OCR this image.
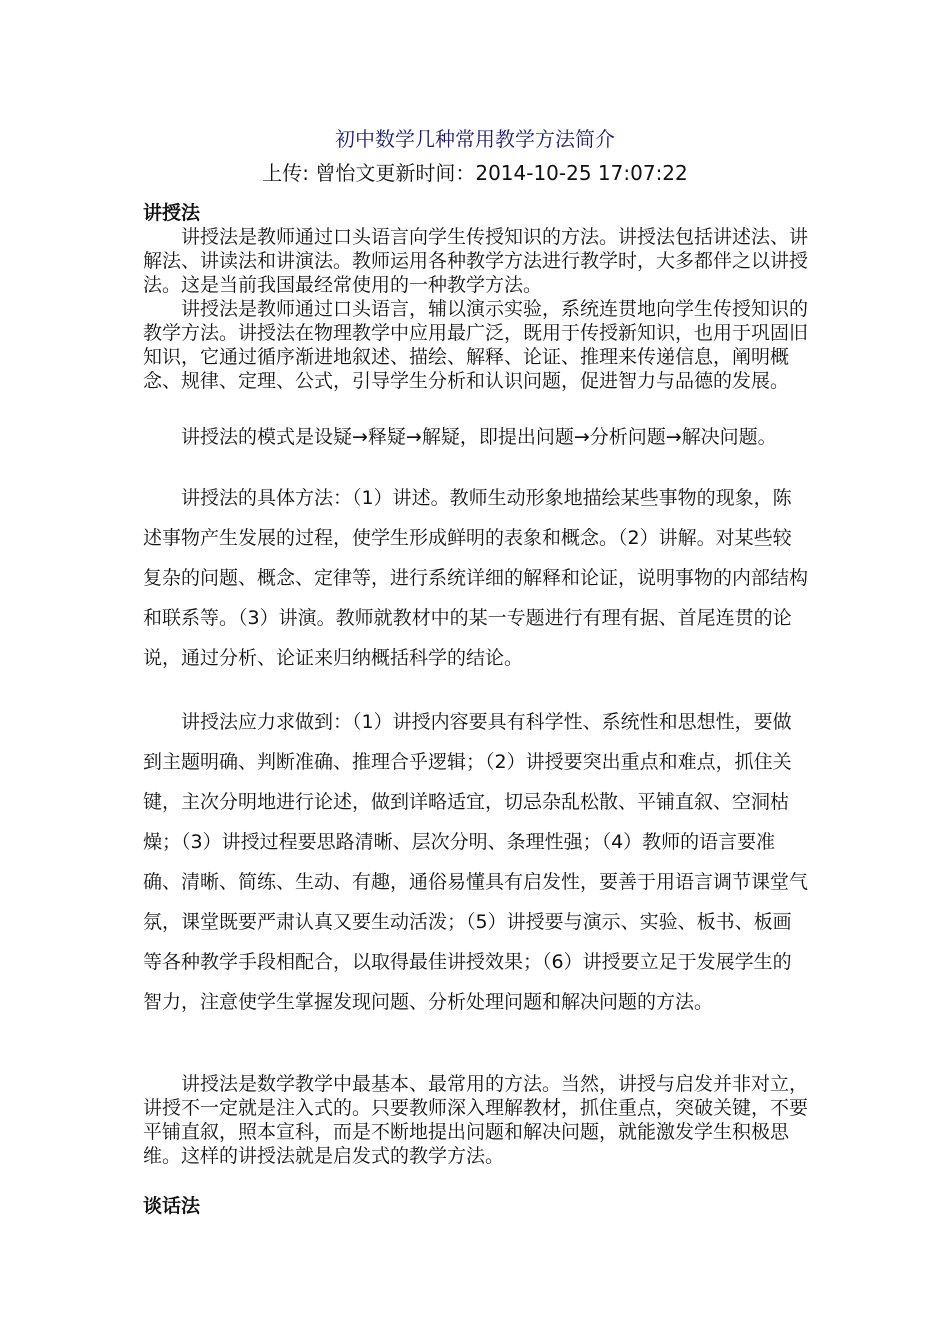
初中数学几种常用教学方法简介
上传: 曾怡文更新时间：2014-10-25 17:07:22
讲授法

讲授法是教师通过口头语言向学生传授知识的方法。讲授法包括讲述法、讲解法、讲读法和讲演法。教师运用各种教学方法进行教学时，大多都伴之以讲授法。这是当前我国最经常使用的一种教学方法。

讲授法是教师通过口头语言，辅以演示实验，系统连贯地向学生传授知识的教学方法。讲授法在物理教学中应用最广泛，既用于传授新知识，也用于巩固旧知识，它通过循序渐进地叙述、描绘、解释、论证、推理来传递信息，阐明概念、规律、定理、公式，引导学生分析和认识问题，促进智力与品德的发展。

讲授法的模式是设疑→释疑→解疑，即提出问题→分析问题→解决问题。

讲授法的具体方法：（1）讲述。教师生动形象地描绘某些事物的现象，陈述事物产生发展的过程，使学生形成鲜明的表象和概念。（2）讲解。对某些较复杂的问题、概念、定律等，进行系统详细的解释和论证，说明事物的内部结构和联系等。（3）讲演。教师就教材中的某一专题进行有理有据、首尾连贯的论说，通过分析、论证来归纳概括科学的结论。

讲授法应力求做到：（1）讲授内容要具有科学性、系统性和思想性，要做到主题明确、判断准确、推理合乎逻辑；（2）讲授要突出重点和难点，抓住关键，主次分明地进行论述，做到详略适宜，切忌杂乱松散、平铺直叙、空洞枯燥；（3）讲授过程要思路清晰、层次分明、条理性强；（4）教师的语言要准确、清晰、简练、生动、有趣，通俗易懂具有启发性，要善于用语言调节课堂气氛，课堂既要严肃认真又要生动活泼；（5）讲授要与演示、实验、板书、板画等各种教学手段相配合，以取得最佳讲授效果；（6）讲授要立足于发展学生的智力，注意使学生掌握发现问题、分析处理问题和解决问题的方法。

讲授法是数学教学中最基本、最常用的方法。当然，讲授与启发并非对立，讲授不一定就是注入式的。只要教师深入理解教材，抓住重点，突破关键，不要平铺直叙，照本宣科，而是不断地提出问题和解决问题，就能激发学生积极思维。这样的讲授法就是启发式的教学方法。

谈话法
